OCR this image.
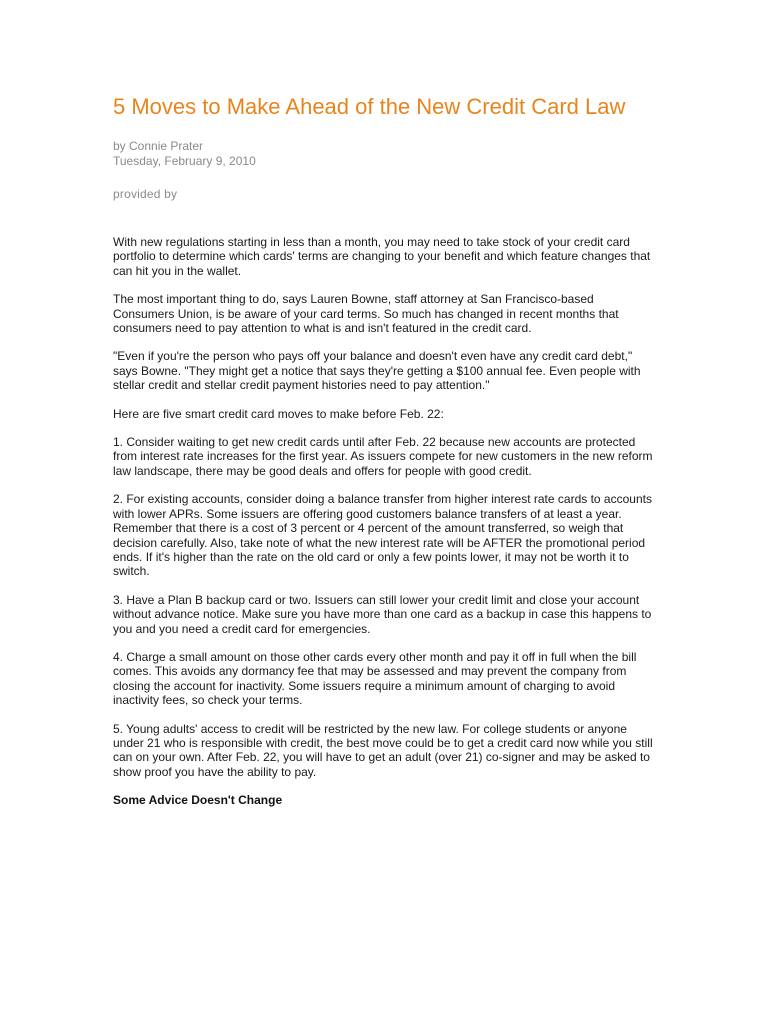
5 Moves to Make Ahead of the New Credit Card Law
by Connie Prater
Tuesday, February 9, 2010
provided by

With new regulations starting in less than a month, you may need to take stock of your credit card portfolio to determine which cards' terms are changing to your benefit and which feature changes that can hit you in the wallet.

The most important thing to do, says Lauren Bowne, staff attorney at San Francisco-based Consumers Union, is be aware of your card terms. So much has changed in recent months that consumers need to pay attention to what is and isn't featured in the credit card.

"Even if you're the person who pays off your balance and doesn't even have any credit card debt," says Bowne. "They might get a notice that says they're getting a $100 annual fee. Even people with stellar credit and stellar credit payment histories need to pay attention."

Here are five smart credit card moves to make before Feb. 22:

1. Consider waiting to get new credit cards until after Feb. 22 because new accounts are protected from interest rate increases for the first year. As issuers compete for new customers in the new reform law landscape, there may be good deals and offers for people with good credit.

2. For existing accounts, consider doing a balance transfer from higher interest rate cards to accounts with lower APRs. Some issuers are offering good customers balance transfers of at least a year. Remember that there is a cost of 3 percent or 4 percent of the amount transferred, so weigh that decision carefully. Also, take note of what the new interest rate will be AFTER the promotional period ends. If it's higher than the rate on the old card or only a few points lower, it may not be worth it to switch.

3. Have a Plan B backup card or two. Issuers can still lower your credit limit and close your account without advance notice. Make sure you have more than one card as a backup in case this happens to you and you need a credit card for emergencies.

4. Charge a small amount on those other cards every other month and pay it off in full when the bill comes. This avoids any dormancy fee that may be assessed and may prevent the company from closing the account for inactivity. Some issuers require a minimum amount of charging to avoid inactivity fees, so check your terms.

5. Young adults' access to credit will be restricted by the new law. For college students or anyone under 21 who is responsible with credit, the best move could be to get a credit card now while you still can on your own. After Feb. 22, you will have to get an adult (over 21) co-signer and may be asked to show proof you have the ability to pay.

Some Advice Doesn't Change
